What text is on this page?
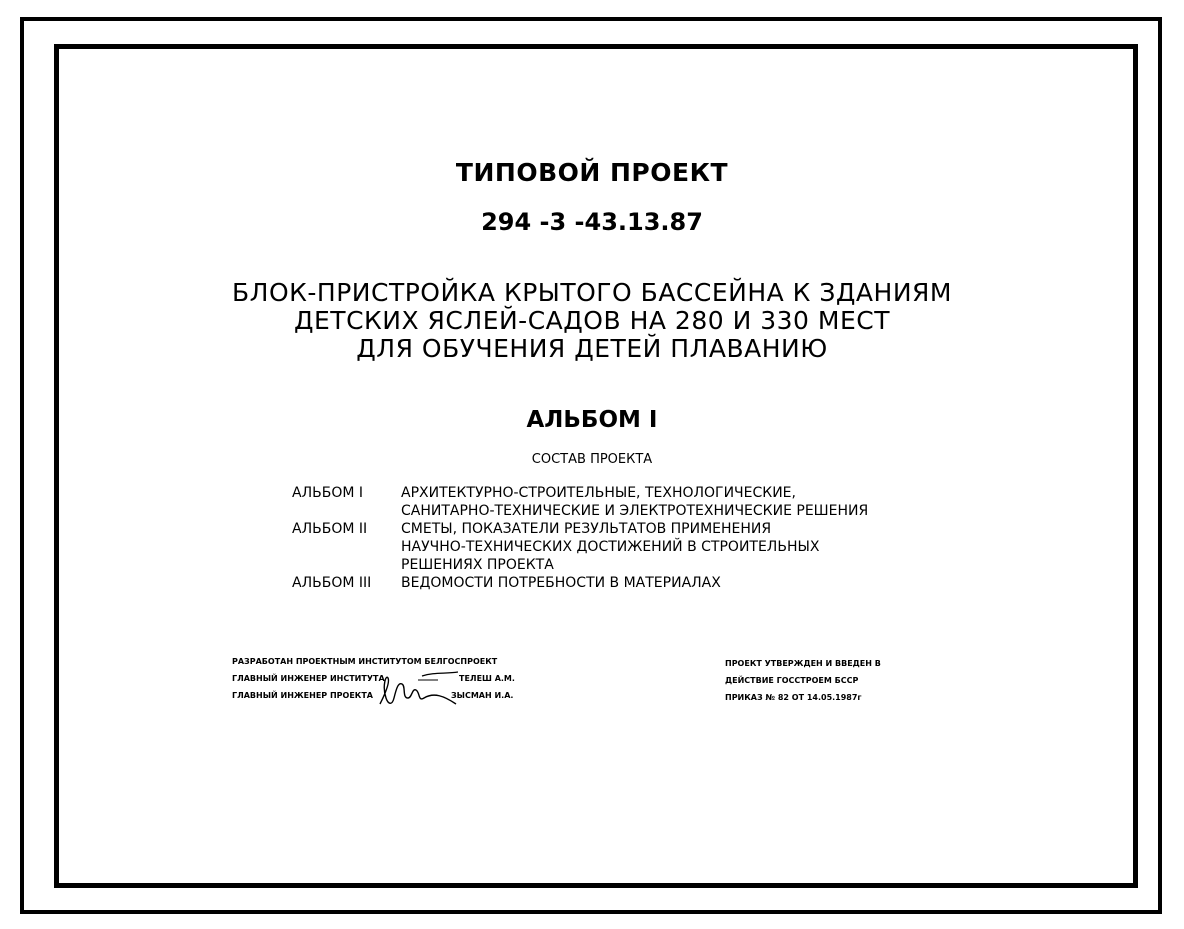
ТИПОВОЙ ПРОЕКТ
294 -3 -43.13.87
БЛОК-ПРИСТРОЙКА КРЫТОГО БАССЕЙНА К ЗДАНИЯМ
ДЕТСКИХ ЯСЛЕЙ-САДОВ НА 280 И 330 МЕСТ
ДЛЯ ОБУЧЕНИЯ ДЕТЕЙ ПЛАВАНИЮ
АЛЬБОМ I
СОСТАВ ПРОЕКТА
АЛЬБОМ I	АРХИТЕКТУРНО-СТРОИТЕЛЬНЫЕ, ТЕХНОЛОГИЧЕСКИЕ,
САНИТАРНО-ТЕХНИЧЕСКИЕ И ЭЛЕКТРОТЕХНИЧЕСКИЕ РЕШЕНИЯ
АЛЬБОМ II	СМЕТЫ, ПОКАЗАТЕЛИ РЕЗУЛЬТАТОВ ПРИМЕНЕНИЯ
НАУЧНО-ТЕХНИЧЕСКИХ ДОСТИЖЕНИЙ В СТРОИТЕЛЬНЫХ
РЕШЕНИЯХ ПРОЕКТА
АЛЬБОМ III	ВЕДОМОСТИ ПОТРЕБНОСТИ В МАТЕРИАЛАХ
РАЗРАБОТАН ПРОЕКТНЫМ ИНСТИТУТОМ БЕЛГОСПРОЕКТ
ГЛАВНЫЙ ИНЖЕНЕР ИНСТИТУТА	ТЕЛЕШ А.М.
ГЛАВНЫЙ ИНЖЕНЕР ПРОЕКТА	ЗЫСМАН И.А.
ПРОЕКТ УТВЕРЖДЕН И ВВЕДЕН В
ДЕЙСТВИЕ ГОССТРОЕМ БССР
ПРИКАЗ № 82 ОТ 14.05.1987г
